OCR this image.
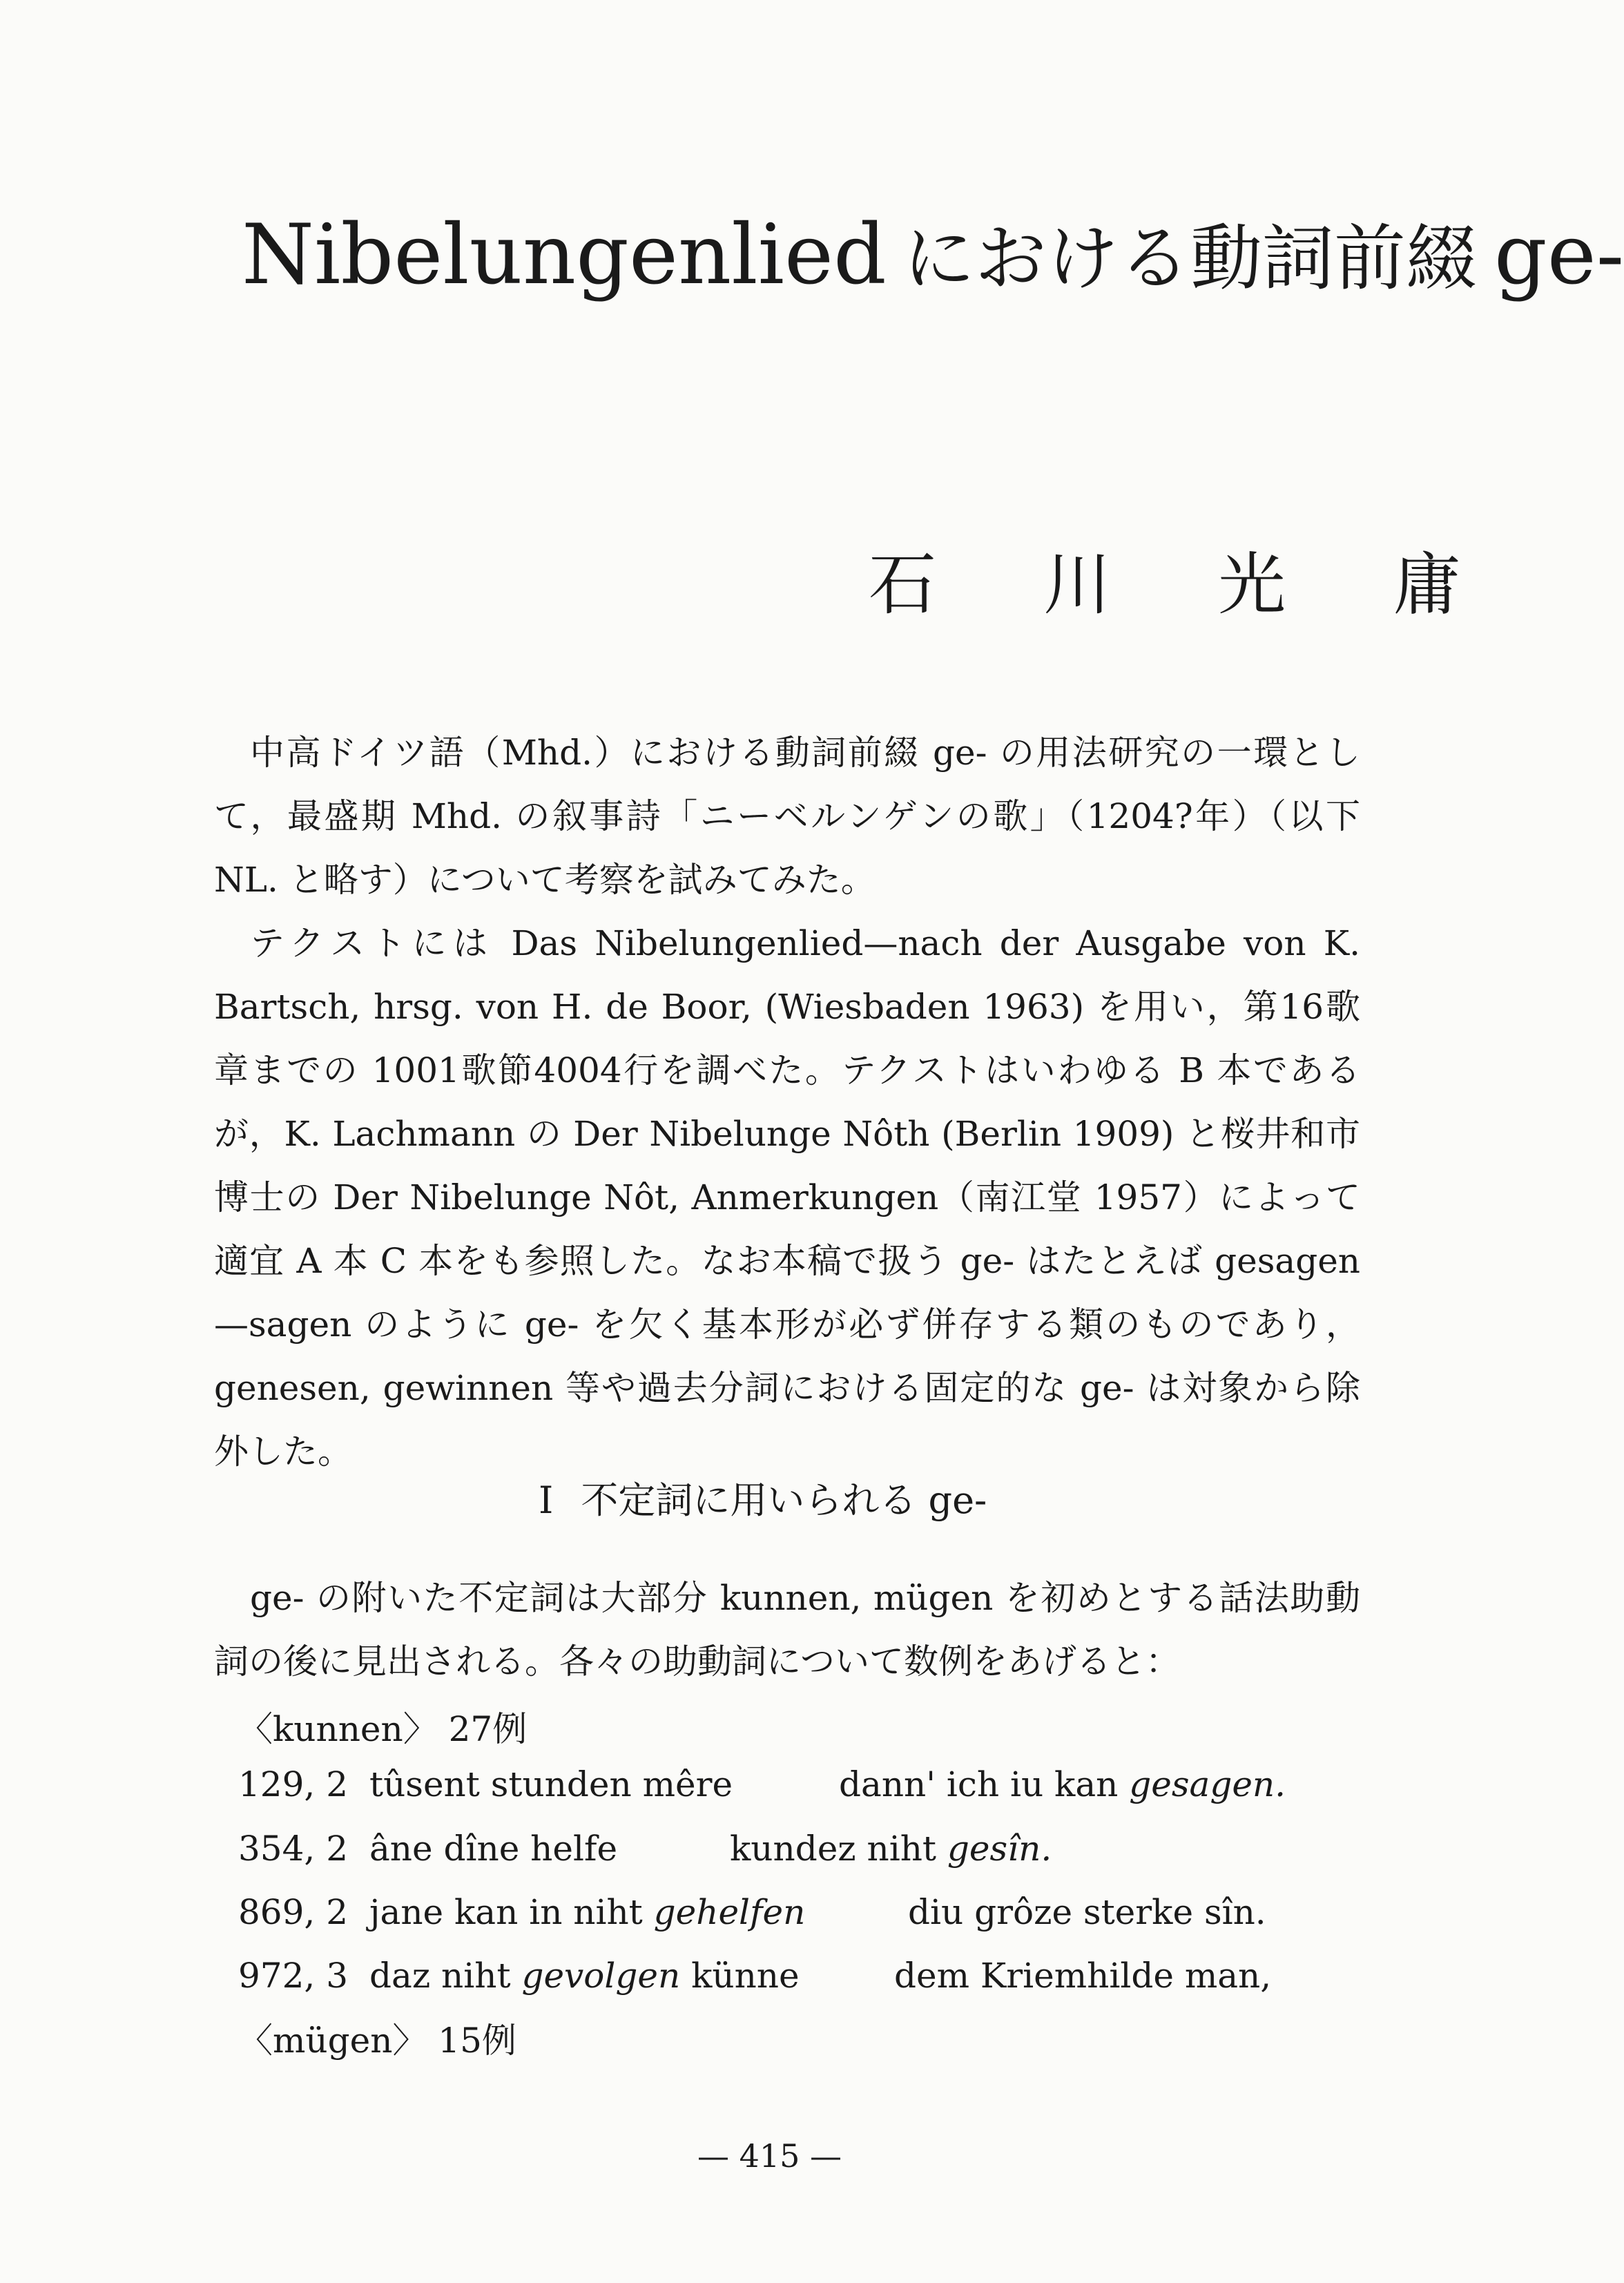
Nibelungenlied における動詞前綴 ge-
石 川 光 庸

中高ドイツ語（Mhd.）における動詞前綴 ge- の用法研究の一環として，最盛期 Mhd. の叙事詩「ニーベルンゲンの歌」（1204?年）（以下 NL. と略す）について考察を試みてみた。

テクストには Das Nibelungenlied—nach der Ausgabe von K. Bartsch, hrsg. von H. de Boor, (Wiesbaden 1963) を用い，第16歌章までの 1001歌節4004行を調べた。テクストはいわゆる B 本であるが，K. Lachmann の Der Nibelunge Nôth (Berlin 1909) と桜井和市博士の Der Nibelunge Nôt, Anmerkungen（南江堂 1957）によって適宜 A 本 C 本をも参照した。なお本稿で扱う ge- はたとえば gesagen—sagen のように ge- を欠く基本形が必ず併存する類のものであり，genesen, gewinnen 等や過去分詞における固定的な ge- は対象から除外した。

I 不定詞に用いられる ge-

ge- の附いた不定詞は大部分 kunnen, mügen を初めとする話法助動詞の後に見出される。各々の助動詞について数例をあげると：

〈kunnen〉 27例
129, 2 tûsent stunden mêre	dann' ich iu kan gesagen.
354, 2 âne dîne helfe	kundez niht gesîn.
869, 2 jane kan in niht gehelfen	diu grôze sterke sîn.
972, 3 daz niht gevolgen künne	dem Kriemhilde man,
〈mügen〉 15例
— 415 —
